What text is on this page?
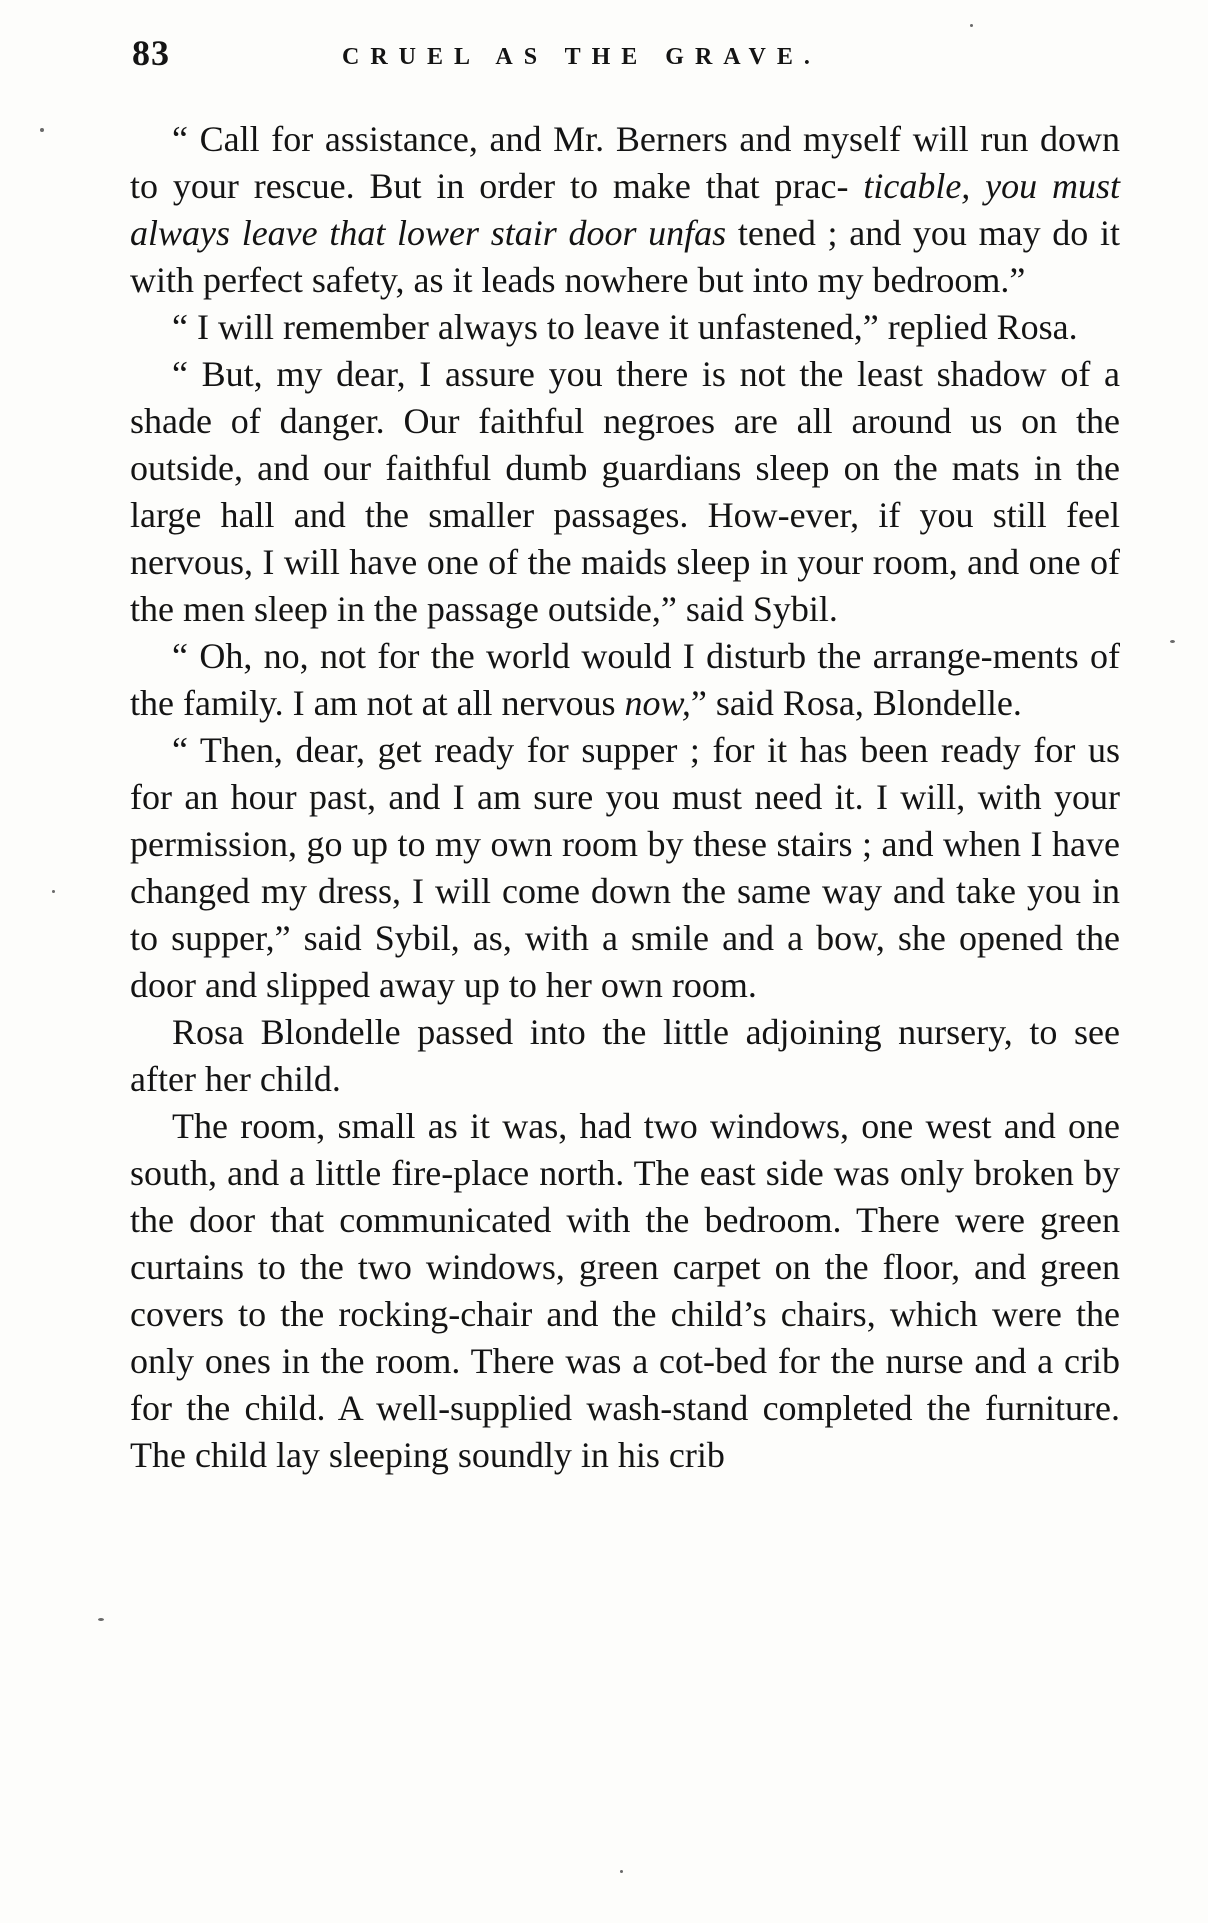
83	CRUEL AS THE GRAVE.

“ Call for assistance, and Mr. Berners and myself will run down to your rescue. But in order to make that prac- ticable, you must always leave that lower stair door unfas tened ; and you may do it with perfect safety, as it leads nowhere but into my bedroom.”

“ I will remember always to leave it unfastened,” replied Rosa.

“ But, my dear, I assure you there is not the least shadow of a shade of danger. Our faithful negroes are all around us on the outside, and our faithful dumb guardians sleep on the mats in the large hall and the smaller passages. How-ever, if you still feel nervous, I will have one of the maids sleep in your room, and one of the men sleep in the passage outside,” said Sybil.

“ Oh, no, not for the world would I disturb the arrange-ments of the family. I am not at all nervous now,” said Rosa, Blondelle.

“ Then, dear, get ready for supper ; for it has been ready for us for an hour past, and I am sure you must need it. I will, with your permission, go up to my own room by these stairs ; and when I have changed my dress, I will come down the same way and take you in to supper,” said Sybil, as, with a smile and a bow, she opened the door and slipped away up to her own room.

Rosa Blondelle passed into the little adjoining nursery, to see after her child.

The room, small as it was, had two windows, one west and one south, and a little fire-place north. The east side was only broken by the door that communicated with the bedroom. There were green curtains to the two windows, green carpet on the floor, and green covers to the rocking-chair and the child’s chairs, which were the only ones in the room. There was a cot-bed for the nurse and a crib for the child. A well-supplied wash-stand completed the furniture. The child lay sleeping soundly in his crib
